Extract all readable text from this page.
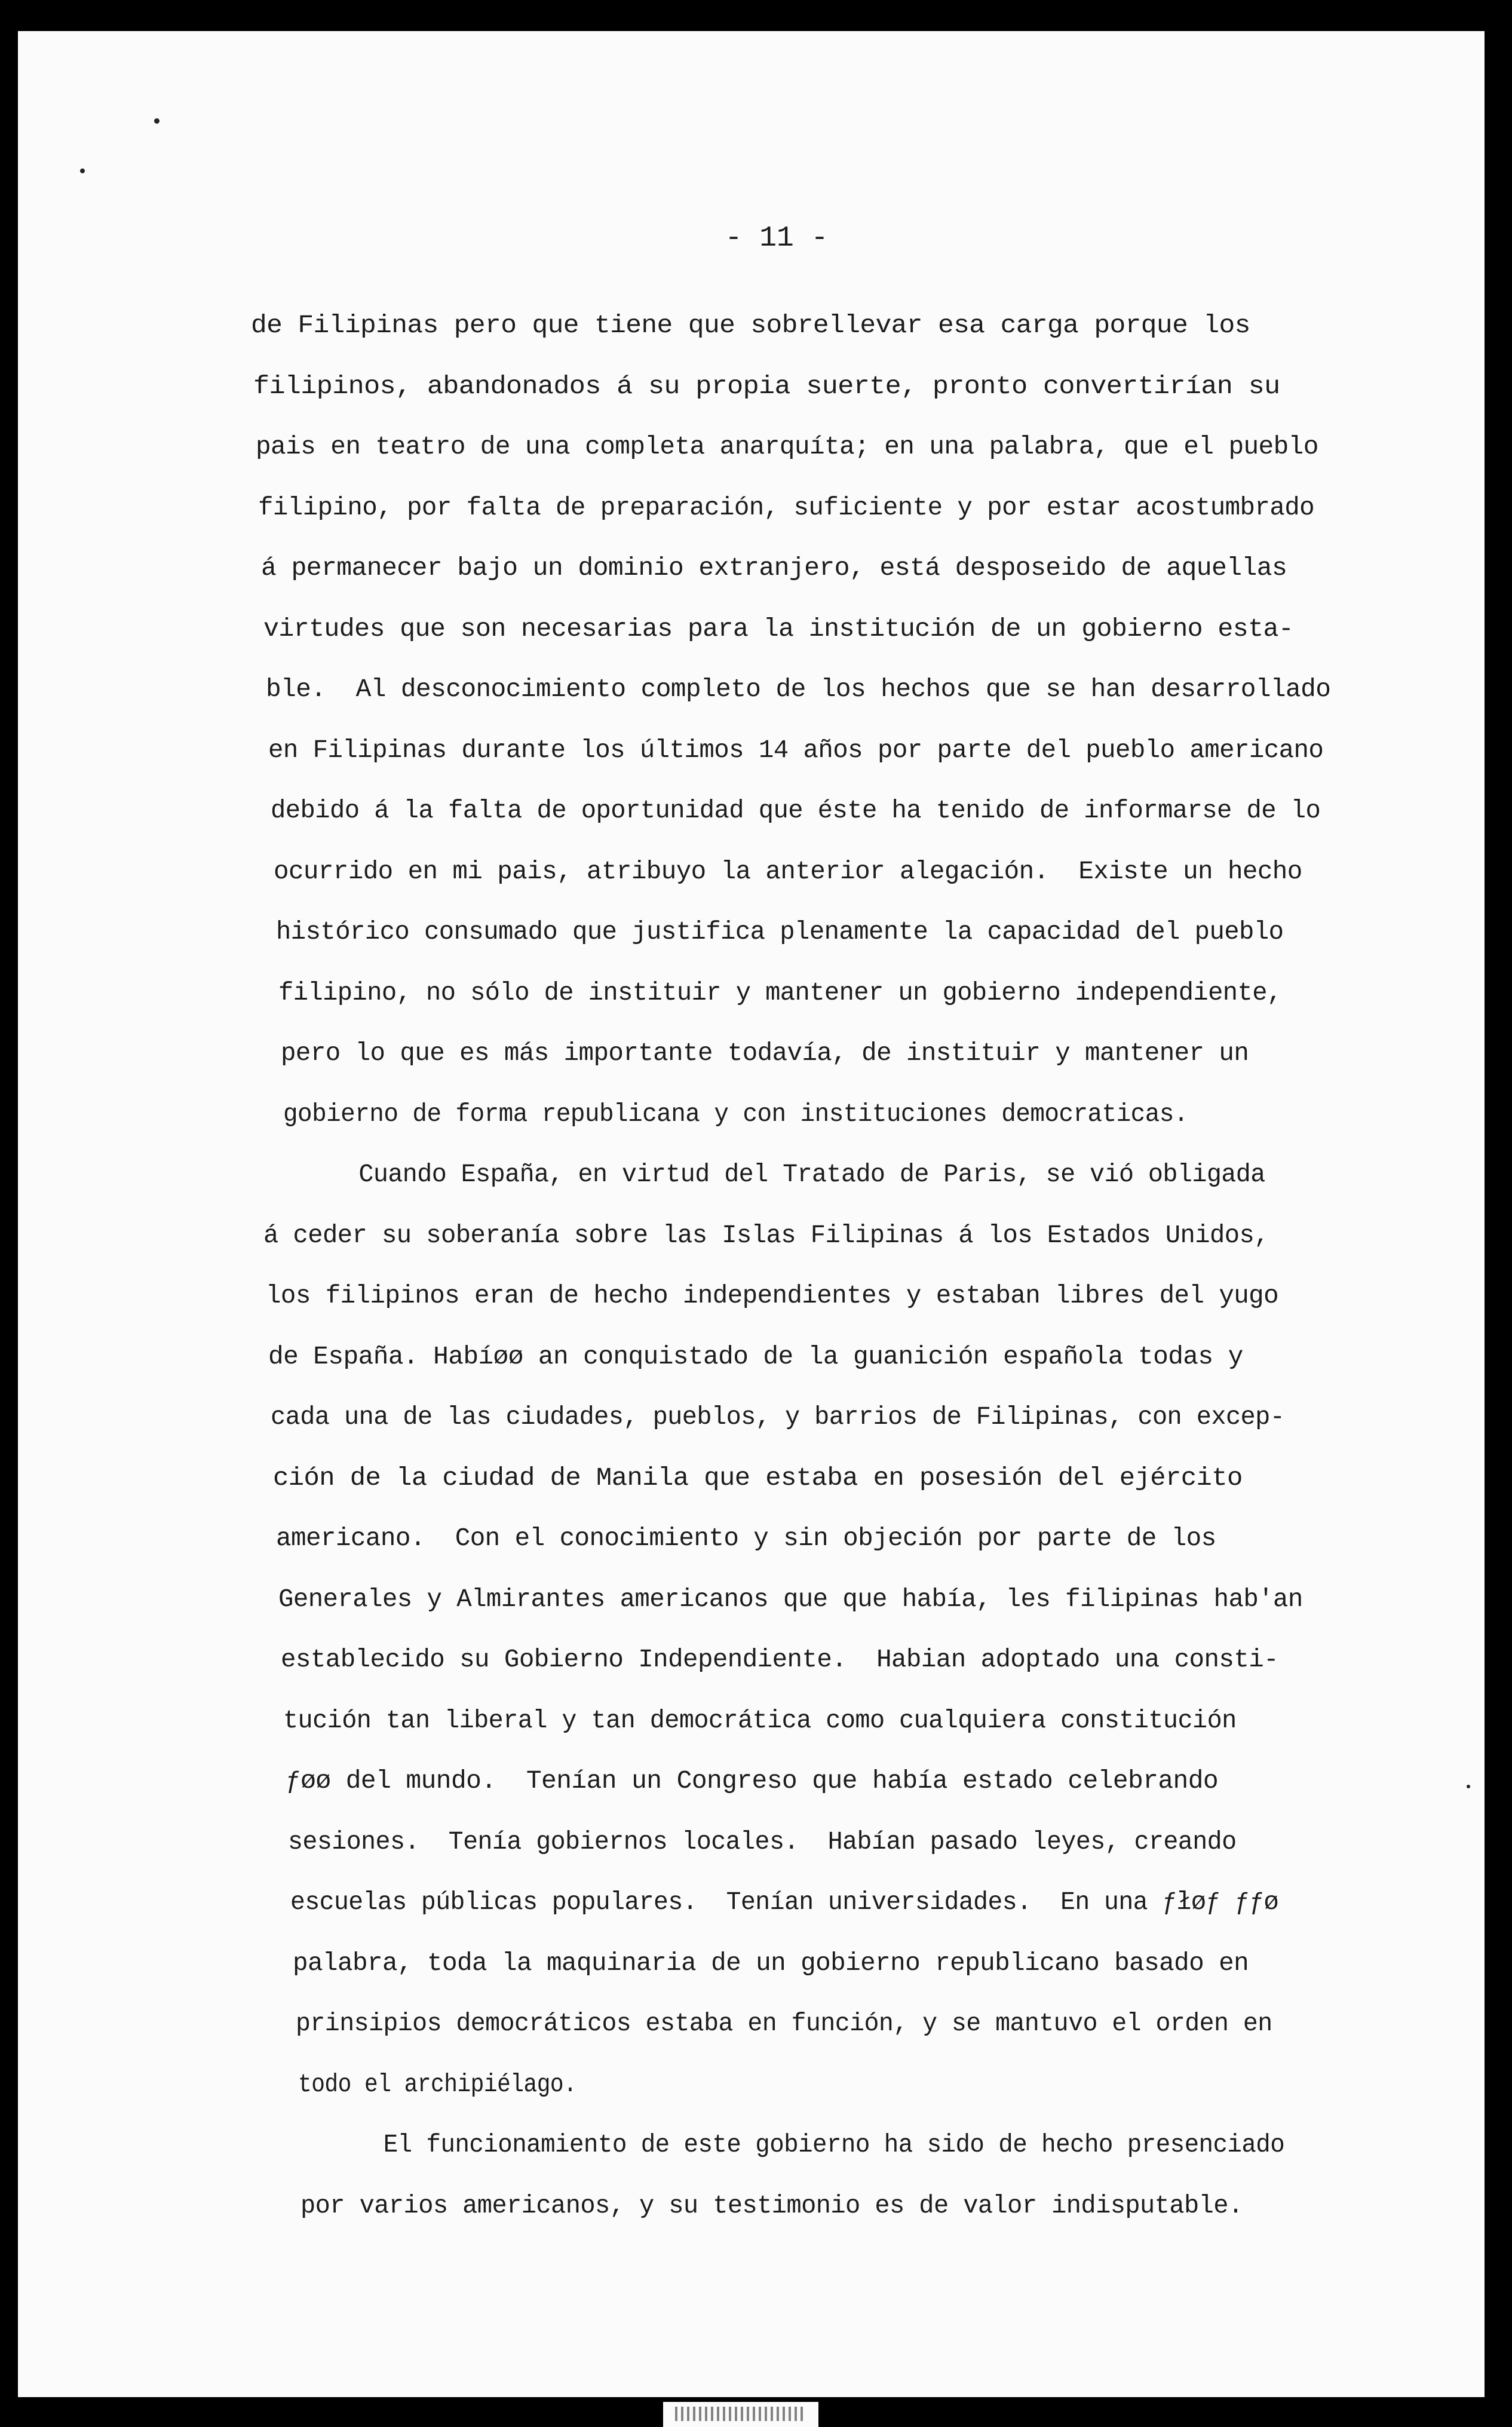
- 11 -
de Filipinas pero que tiene que sobrellevar esa carga porque los
filipinos, abandonados á su propia suerte, pronto convertirían su
pais en teatro de una completa anarquíta; en una palabra, que el pueblo
filipino, por falta de preparación, suficiente y por estar acostumbrado
á permanecer bajo un dominio extranjero, está desposeido de aquellas
virtudes que son necesarias para la institución de un gobierno esta-
ble.  Al desconocimiento completo de los hechos que se han desarrollado
en Filipinas durante los últimos 14 años por parte del pueblo americano
debido á la falta de oportunidad que éste ha tenido de informarse de lo
ocurrido en mi pais, atribuyo la anterior alegación.  Existe un hecho
histórico consumado que justifica plenamente la capacidad del pueblo
filipino, no sólo de instituir y mantener un gobierno independiente,
pero lo que es más importante todavía, de instituir y mantener un
gobierno de forma republicana y con instituciones democraticas.
Cuando España, en virtud del Tratado de Paris, se vió obligada
á ceder su soberanía sobre las Islas Filipinas á los Estados Unidos,
los filipinos eran de hecho independientes y estaban libres del yugo
de España. Habíøø an conquistado de la guanición española todas y
cada una de las ciudades, pueblos, y barrios de Filipinas, con excep-
ción de la ciudad de Manila que estaba en posesión del ejército
americano.  Con el conocimiento y sin objeción por parte de los
Generales y Almirantes americanos que que había, les filipinas hab'an
establecido su Gobierno Independiente.  Habian adoptado una consti-
tución tan liberal y tan democrática como cualquiera constitución
ƒøø del mundo.  Tenían un Congreso que había estado celebrando
sesiones.  Tenía gobiernos locales.  Habían pasado leyes, creando
escuelas públicas populares.  Tenían universidades.  En una ƒłøƒ ƒƒø
palabra, toda la maquinaria de un gobierno republicano basado en
prinsipios democráticos estaba en función, y se mantuvo el orden en
todo el archipiélago.
El funcionamiento de este gobierno ha sido de hecho presenciado
por varios americanos, y su testimonio es de valor indisputable.
